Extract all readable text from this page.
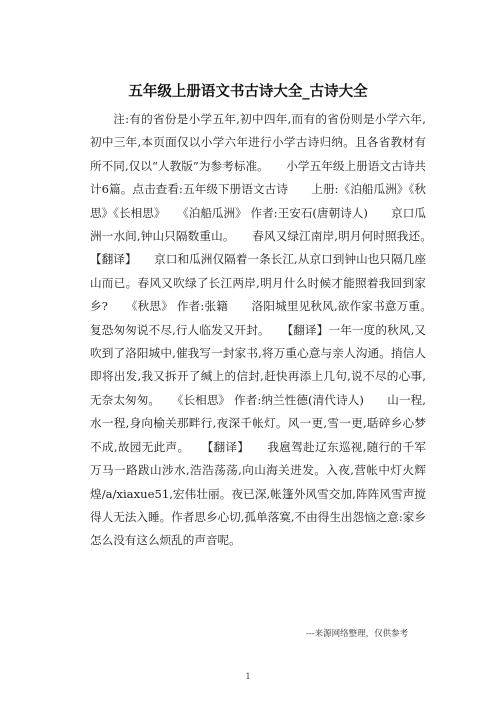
五年级上册语文书古诗大全_古诗大全

注:有的省份是小学五年,初中四年,而有的省份则是小学六年,初中三年,本页面仅以小学六年进行小学古诗归纳。且各省教材有所不同,仅以“人教版”为参考标准。　　小学五年级上册语文古诗共计6篇。点击查看:五年级下册语文古诗　　上册:《泊船瓜洲》《秋思》《长相思》　　《泊船瓜洲》 作者:王安石(唐朝诗人)　　京口瓜洲一水间,钟山只隔数重山。　　春风又绿江南岸,明月何时照我还。　　【翻译】　　京口和瓜洲仅隔着一条长江,从京口到钟山也只隔几座山而已。春风又吹绿了长江两岸,明月什么时候才能照着我回到家乡?　　《秋思》 作者:张籍　　洛阳城里见秋风,欲作家书意万重。　　复恐匆匆说不尽,行人临发又开封。　　【翻译】一年一度的秋风,又吹到了洛阳城中,催我写一封家书,将万重心意与亲人沟通。捎信人即将出发,我又拆开了缄上的信封,赶快再添上几句,说不尽的心事,无奈太匆匆。　　《长相思》 作者:纳兰性德(清代诗人)　　山一程,水一程,身向榆关那畔行,夜深千帐灯。风一更,雪一更,聒碎乡心梦不成,故园无此声。　　【翻译】　　我扈驾赴辽东巡视,随行的千军万马一路跋山涉水,浩浩荡荡,向山海关进发。入夜,营帐中灯火辉煌/a/xiaxue51,宏伟壮丽。夜已深,帐篷外风雪交加,阵阵风雪声搅得人无法入睡。作者思乡心切,孤单落寞,不由得生出怨恼之意:家乡怎么没有这么烦乱的声音呢。

---来源网络整理，仅供参考
1
